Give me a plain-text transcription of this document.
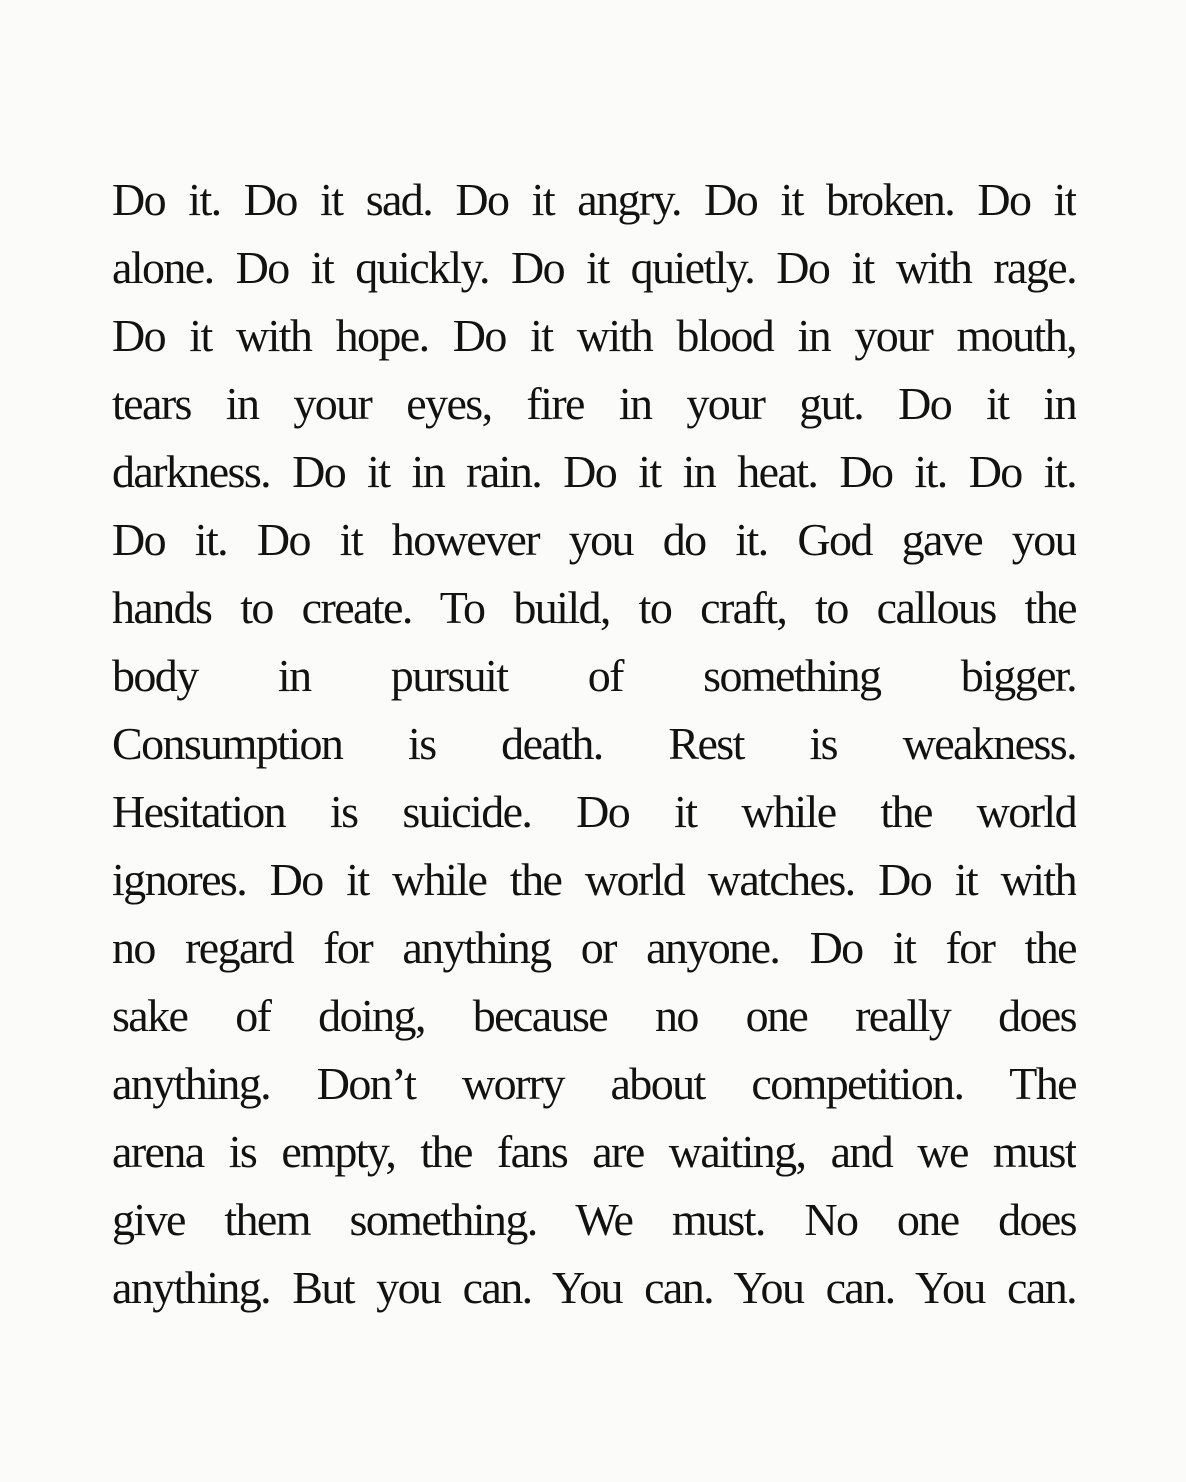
Do it. Do it sad. Do it angry. Do it broken. Do it
alone. Do it quickly. Do it quietly. Do it with rage.
Do it with hope. Do it with blood in your mouth,
tears in your eyes, fire in your gut. Do it in
darkness. Do it in rain. Do it in heat. Do it. Do it.
Do it. Do it however you do it. God gave you
hands to create. To build, to craft, to callous the
body in pursuit of something bigger.
Consumption is death. Rest is weakness.
Hesitation is suicide. Do it while the world
ignores. Do it while the world watches. Do it with
no regard for anything or anyone. Do it for the
sake of doing, because no one really does
anything. Don’t worry about competition. The
arena is empty, the fans are waiting, and we must
give them something. We must. No one does
anything. But you can. You can. You can. You can.
